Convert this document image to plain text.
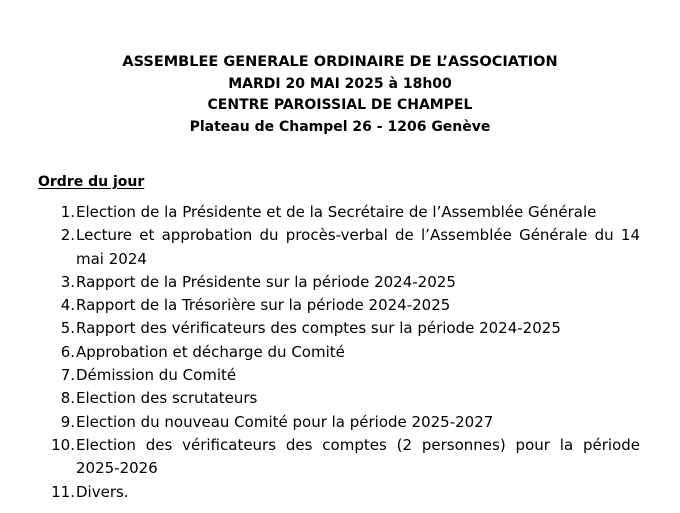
ASSEMBLEE GENERALE ORDINAIRE DE L’ASSOCIATION
MARDI 20 MAI 2025 à 18h00
CENTRE PAROISSIAL DE CHAMPEL
Plateau de Champel 26 - 1206 Genève
Ordre du jour
1. Election de la Présidente et de la Secrétaire de l’Assemblée Générale
2. Lecture et approbation du procès-verbal de l’Assemblée Générale du 14 mai 2024
3. Rapport de la Présidente sur la période 2024-2025
4. Rapport de la Trésorière sur la période 2024-2025
5. Rapport des vérificateurs des comptes sur la période 2024-2025
6. Approbation et décharge du Comité
7. Démission du Comité
8. Election des scrutateurs
9. Election du nouveau Comité pour la période 2025-2027
10. Election des vérificateurs des comptes (2 personnes) pour la période 2025-2026
11. Divers.
